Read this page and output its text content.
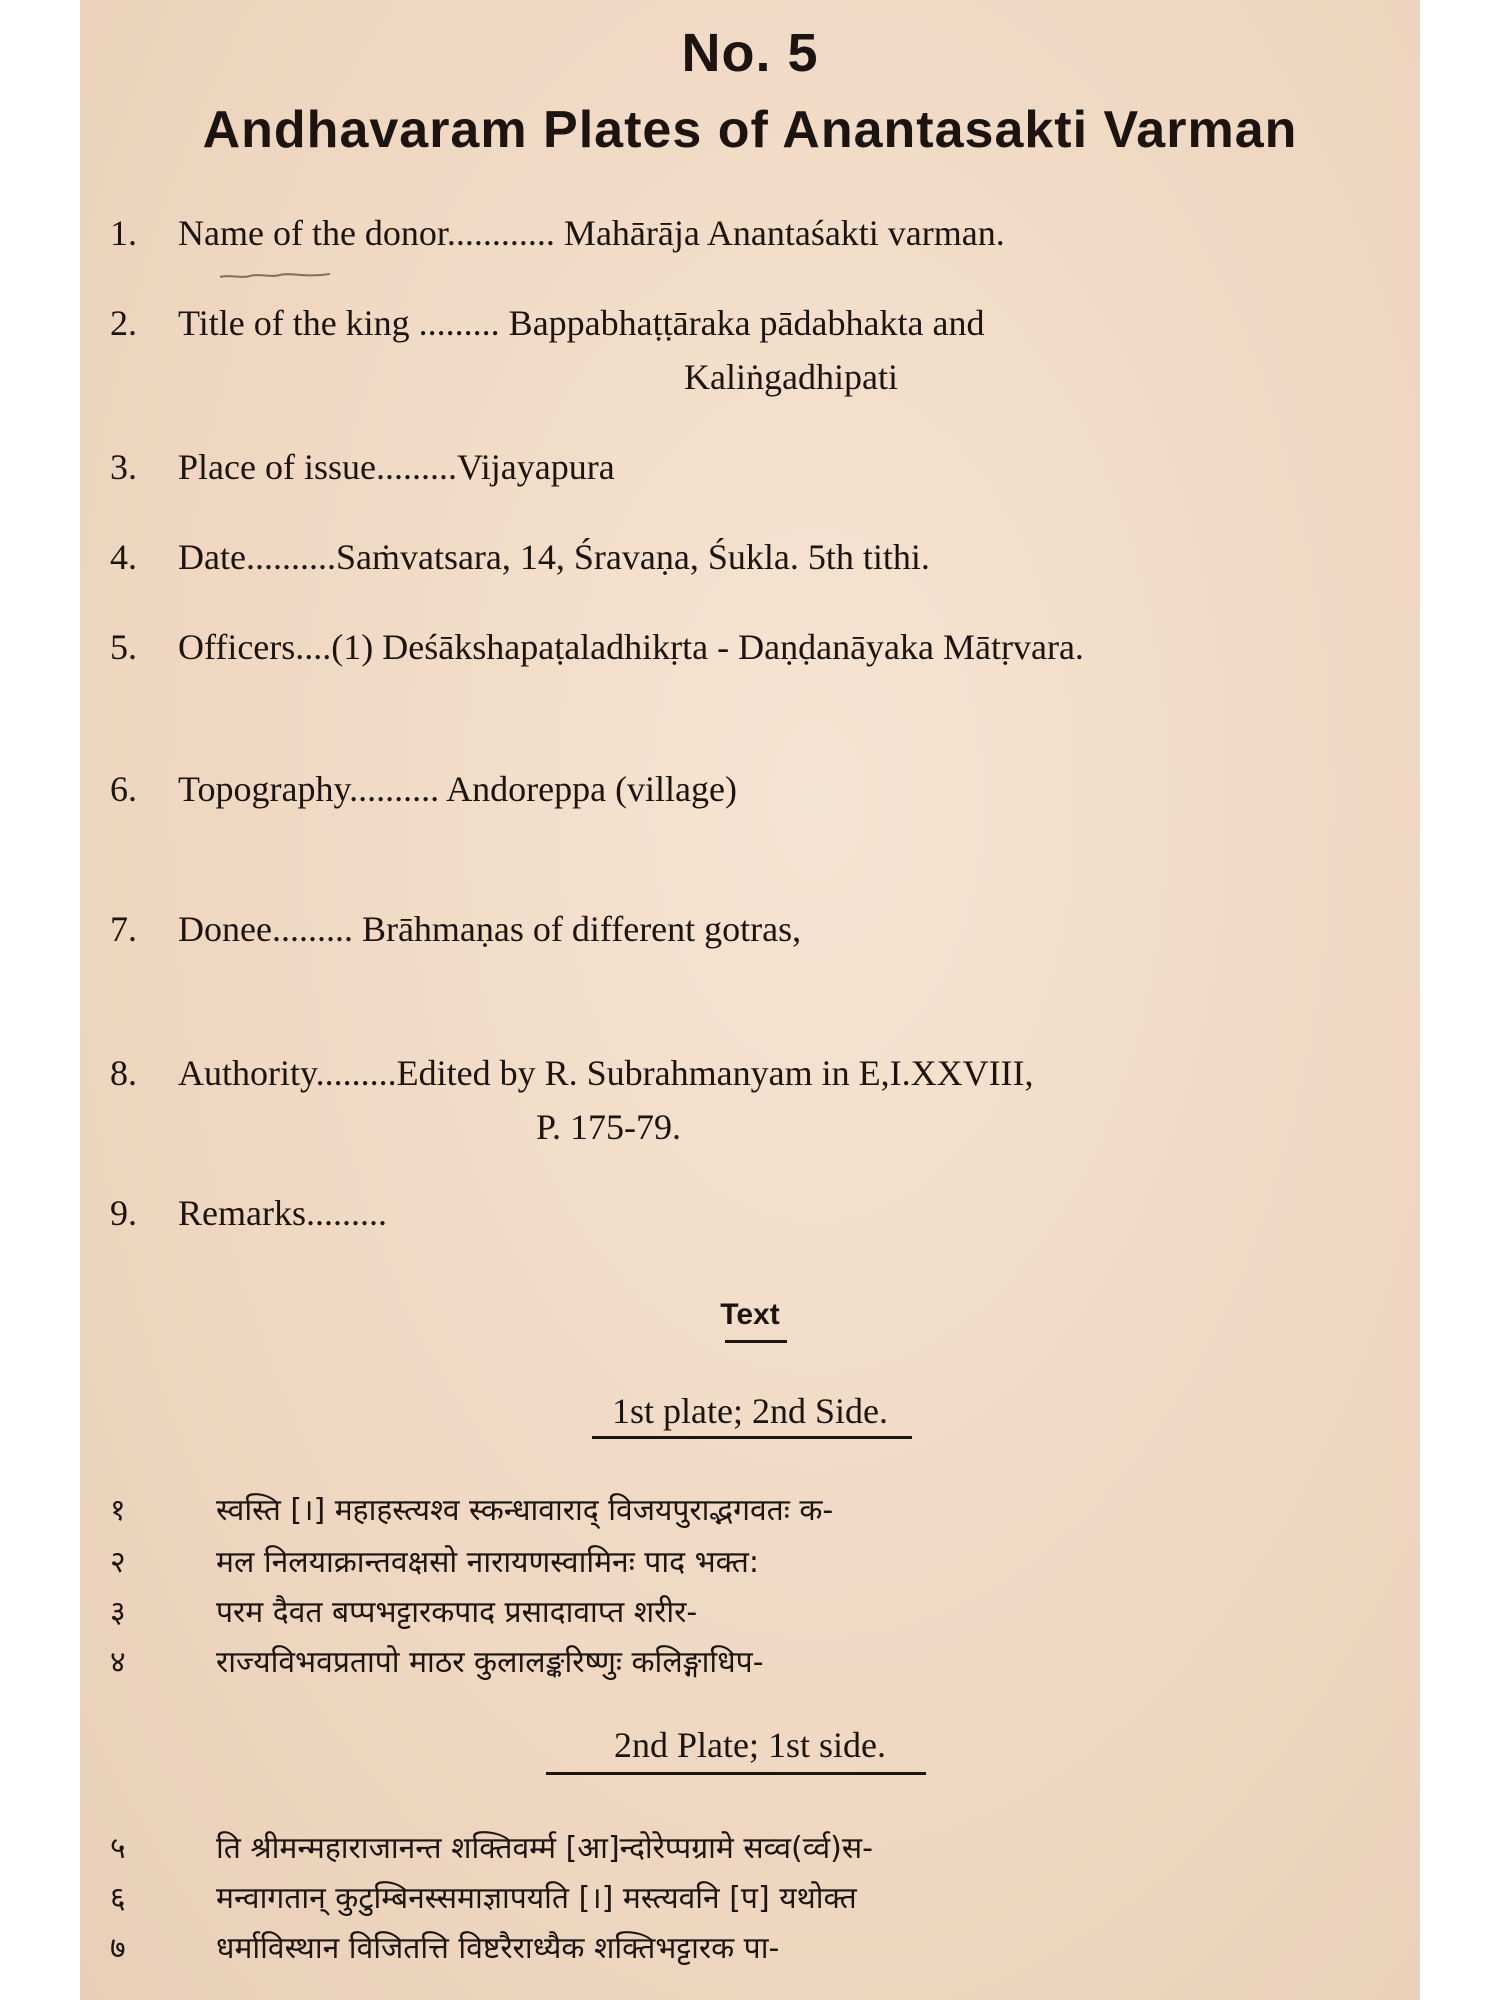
No. 5
Andhavaram Plates of Anantasakti Varman
1.	Name of the donor............ Mahārāja Anantaśakti varman.
2.	Title of the king ......... Bappabhaṭṭāraka pādabhakta and
Kaliṅgadhipati
3.	Place of issue.........Vijayapura
4.	Date..........Saṁvatsara, 14, Śravaṇa, Śukla. 5th tithi.
5.	Officers....(1) Deśākshapaṭaladhikṛta - Daṇḍanāyaka Mātṛvara.
6.	Topography.......... Andoreppa (village)
7.	Donee......... Brāhmaṇas of different gotras,
8.	Authority.........Edited by R. Subrahmanyam in E,I.XXVIII,
P. 175-79.
9.	Remarks.........
Text
1st plate; 2nd Side.
१	स्वस्ति [।] महाहस्त्यश्व स्कन्धावाराद् विजयपुराद्भगवतः क-
२	मल निलयाक्रान्तवक्षसो नारायणस्वामिनः पाद भक्त:
३	परम दैवत बप्पभट्टारकपाद प्रसादावाप्त शरीर-
४	राज्यविभवप्रतापो माठर कुलालङ्करिष्णुः कलिङ्गाधिप-
2nd Plate; 1st side.
५	ति श्रीमन्महाराजानन्त शक्तिवर्म्म [आ]न्दोरेप्पग्रामे सव्व(र्व्व)स-
६	मन्वागतान् कुटुम्बिनस्समाज्ञापयति [।] मस्त्यवनि [प] यथोक्त
७	धर्माविस्थान विजितत्ति विष्टरैराध्यैक शक्तिभट्टारक पा-
